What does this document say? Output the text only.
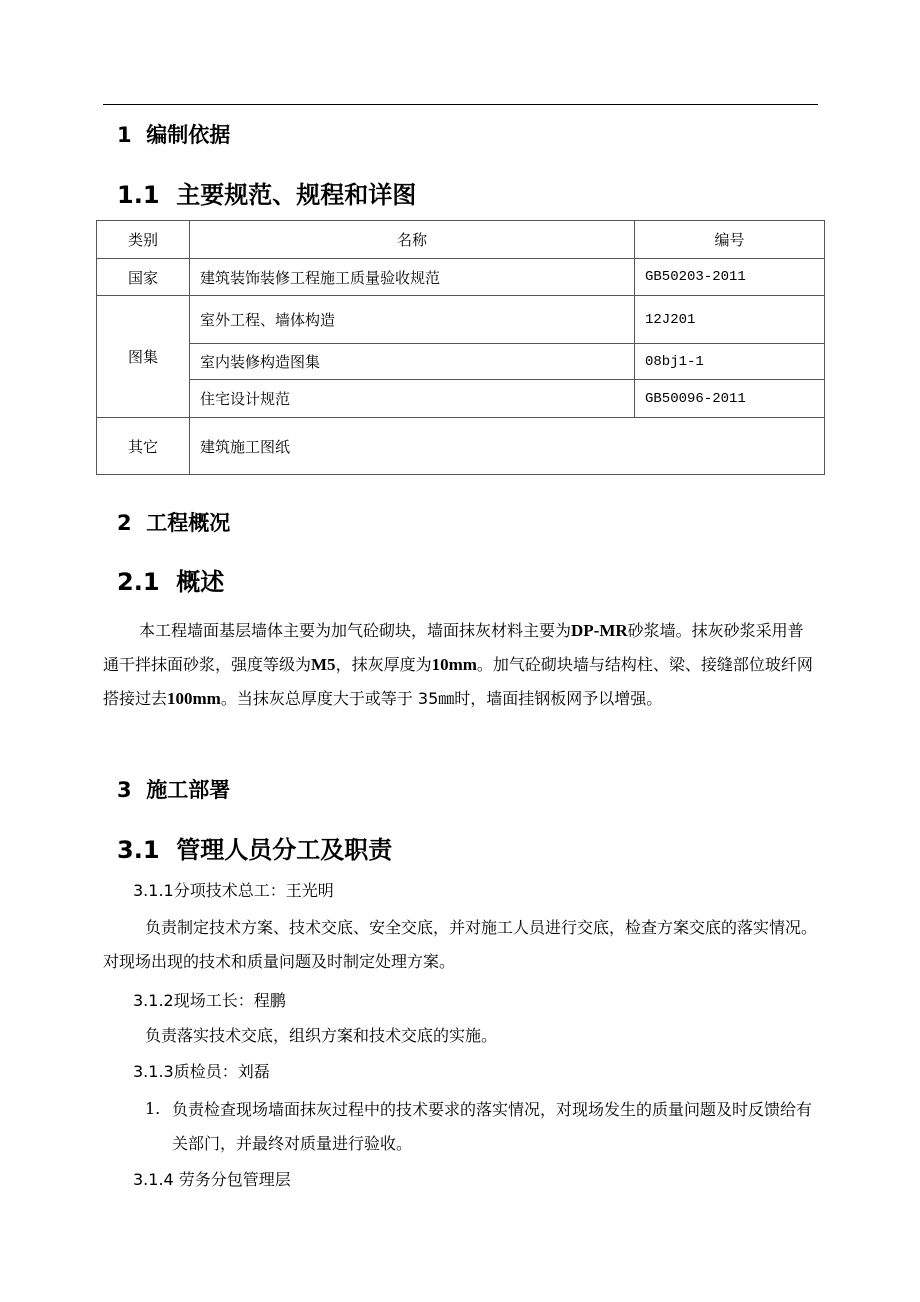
1 编制依据
1.1 主要规范、规程和详图
类别	名称	编号
国家	建筑装饰装修工程施工质量验收规范	GB50203-2011
图集	室外工程、墙体构造	12J201
	室内装修构造图集	08bj1-1
	住宅设计规范	GB50096-2011
其它	建筑施工图纸	
2 工程概况
2.1 概述

本工程墙面基层墙体主要为加气砼砌块，墙面抹灰材料主要为DP-MR砂浆墙。抹灰砂浆采用普通干拌抹面砂浆，强度等级为M5，抹灰厚度为10mm。加气砼砌块墙与结构柱、梁、接缝部位玻纤网搭接过去100mm。当抹灰总厚度大于或等于 35㎜时，墙面挂钢板网予以增强。

3 施工部署
3.1 管理人员分工及职责
3.1.1分项技术总工：王光明

负责制定技术方案、技术交底、安全交底，并对施工人员进行交底，检查方案交底的落实情况。对现场出现的技术和质量问题及时制定处理方案。

3.1.2现场工长：程鹏
负责落实技术交底，组织方案和技术交底的实施。
3.1.3质检员：刘磊
1. 负责检查现场墙面抹灰过程中的技术要求的落实情况，对现场发生的质量问题及时反馈给有关部门，并最终对质量进行验收。

3.1.4 劳务分包管理层
